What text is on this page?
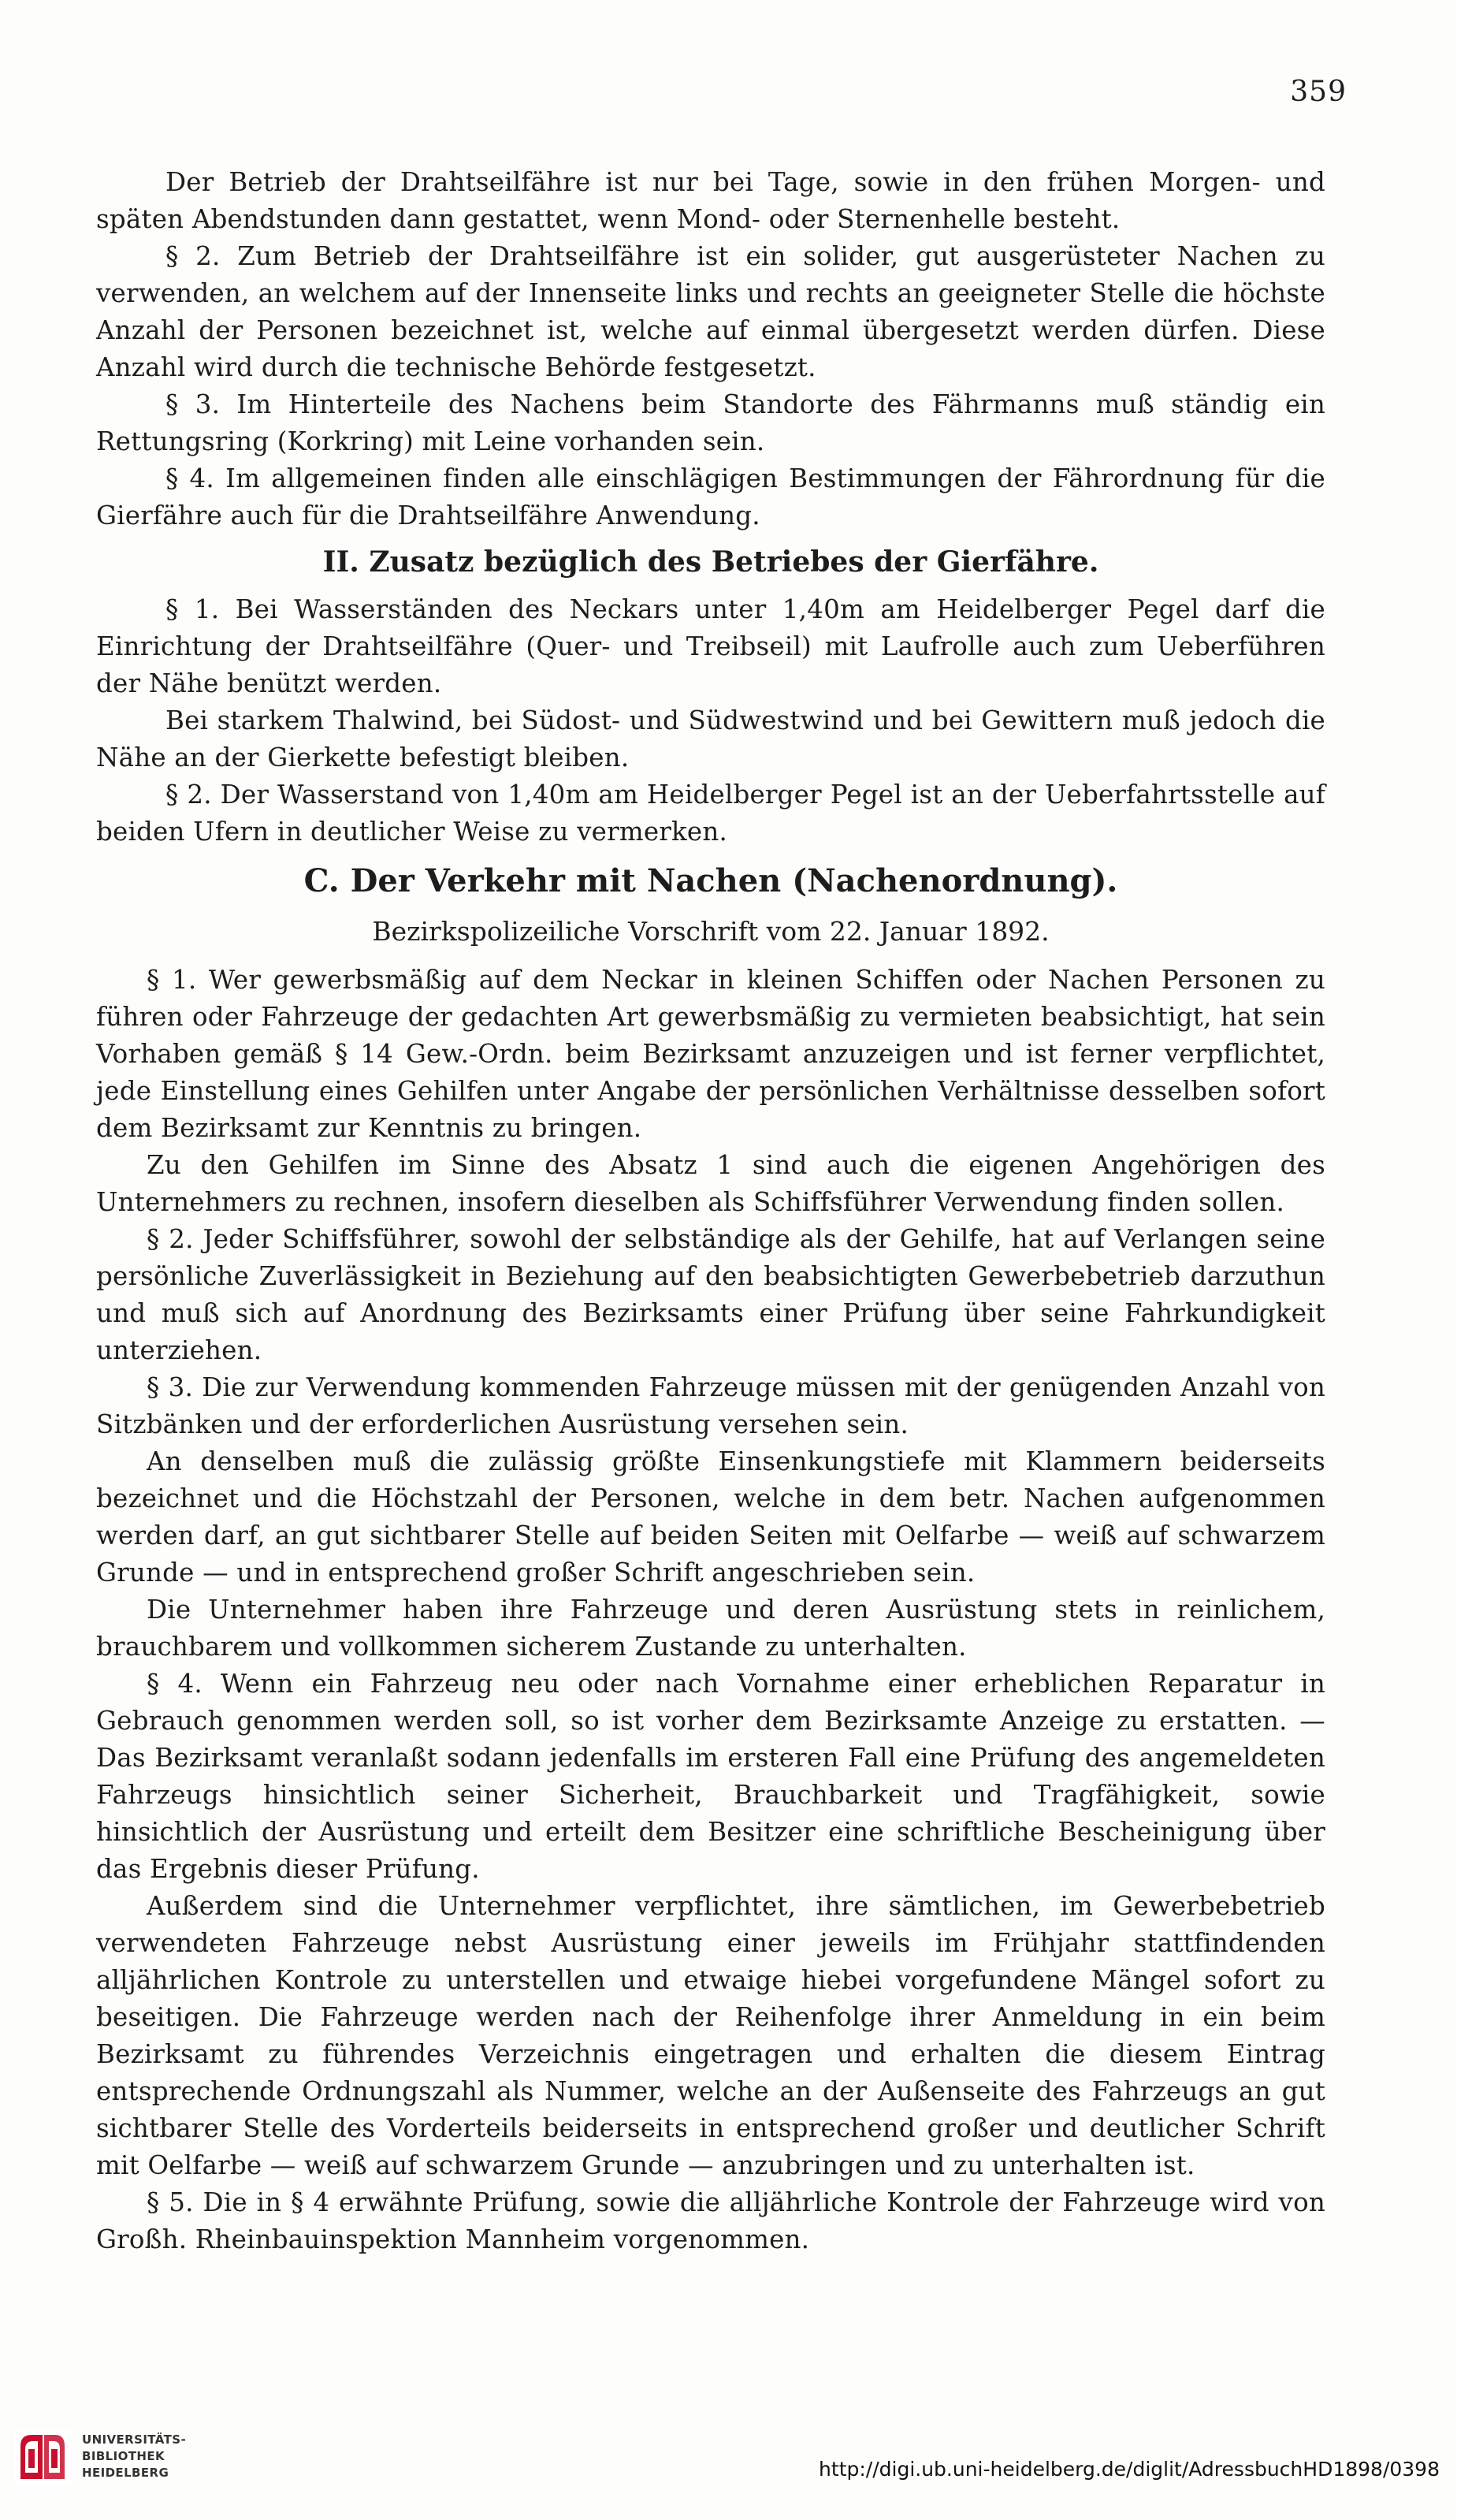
359

Der Betrieb der Drahtseilfähre ist nur bei Tage, sowie in den frühen Morgen- und späten Abendstunden dann gestattet, wenn Mond- oder Sternenhelle besteht.

§ 2. Zum Betrieb der Drahtseilfähre ist ein solider, gut ausgerüsteter Nachen zu verwenden, an welchem auf der Innenseite links und rechts an geeigneter Stelle die höchste Anzahl der Personen bezeichnet ist, welche auf einmal übergesetzt werden dürfen. Diese Anzahl wird durch die technische Behörde festgesetzt.

§ 3. Im Hinterteile des Nachens beim Standorte des Fährmanns muß ständig ein Rettungsring (Korkring) mit Leine vorhanden sein.

§ 4. Im allgemeinen finden alle einschlägigen Bestimmungen der Fährordnung für die Gierfähre auch für die Drahtseilfähre Anwendung.

II. Zusatz bezüglich des Betriebes der Gierfähre.

§ 1. Bei Wasserständen des Neckars unter 1,40m am Heidelberger Pegel darf die Einrichtung der Drahtseilfähre (Quer- und Treibseil) mit Laufrolle auch zum Ueberführen der Nähe benützt werden.

Bei starkem Thalwind, bei Südost- und Südwestwind und bei Gewittern muß jedoch die Nähe an der Gierkette befestigt bleiben.

§ 2. Der Wasserstand von 1,40m am Heidelberger Pegel ist an der Ueberfahrtsstelle auf beiden Ufern in deutlicher Weise zu vermerken.

C. Der Verkehr mit Nachen (Nachenordnung).

Bezirkspolizeiliche Vorschrift vom 22. Januar 1892.

§ 1. Wer gewerbsmäßig auf dem Neckar in kleinen Schiffen oder Nachen Personen zu führen oder Fahrzeuge der gedachten Art gewerbsmäßig zu vermieten beabsichtigt, hat sein Vorhaben gemäß § 14 Gew.-Ordn. beim Bezirksamt anzuzeigen und ist ferner verpflichtet, jede Einstellung eines Gehilfen unter Angabe der persönlichen Verhältnisse desselben sofort dem Bezirksamt zur Kenntnis zu bringen.

Zu den Gehilfen im Sinne des Absatz 1 sind auch die eigenen Angehörigen des Unternehmers zu rechnen, insofern dieselben als Schiffsführer Verwendung finden sollen.

§ 2. Jeder Schiffsführer, sowohl der selbständige als der Gehilfe, hat auf Verlangen seine persönliche Zuverlässigkeit in Beziehung auf den beabsichtigten Gewerbebetrieb darzuthun und muß sich auf Anordnung des Bezirksamts einer Prüfung über seine Fahrkundigkeit unterziehen.

§ 3. Die zur Verwendung kommenden Fahrzeuge müssen mit der genügenden Anzahl von Sitzbänken und der erforderlichen Ausrüstung versehen sein.

An denselben muß die zulässig größte Einsenkungstiefe mit Klammern beiderseits bezeichnet und die Höchstzahl der Personen, welche in dem betr. Nachen aufgenommen werden darf, an gut sichtbarer Stelle auf beiden Seiten mit Oelfarbe — weiß auf schwarzem Grunde — und in entsprechend großer Schrift angeschrieben sein.

Die Unternehmer haben ihre Fahrzeuge und deren Ausrüstung stets in reinlichem, brauchbarem und vollkommen sicherem Zustande zu unterhalten.

§ 4. Wenn ein Fahrzeug neu oder nach Vornahme einer erheblichen Reparatur in Gebrauch genommen werden soll, so ist vorher dem Bezirksamte Anzeige zu erstatten. — Das Bezirksamt veranlaßt sodann jedenfalls im ersteren Fall eine Prüfung des angemeldeten Fahrzeugs hinsichtlich seiner Sicherheit, Brauchbarkeit und Tragfähigkeit, sowie hinsichtlich der Ausrüstung und erteilt dem Besitzer eine schriftliche Bescheinigung über das Ergebnis dieser Prüfung.

Außerdem sind die Unternehmer verpflichtet, ihre sämtlichen, im Gewerbebetrieb verwendeten Fahrzeuge nebst Ausrüstung einer jeweils im Frühjahr stattfindenden alljährlichen Kontrole zu unterstellen und etwaige hiebei vorgefundene Mängel sofort zu beseitigen. Die Fahrzeuge werden nach der Reihenfolge ihrer Anmeldung in ein beim Bezirksamt zu führendes Verzeichnis eingetragen und erhalten die diesem Eintrag entsprechende Ordnungszahl als Nummer, welche an der Außenseite des Fahrzeugs an gut sichtbarer Stelle des Vorderteils beiderseits in entsprechend großer und deutlicher Schrift mit Oelfarbe — weiß auf schwarzem Grunde — anzubringen und zu unterhalten ist.

§ 5. Die in § 4 erwähnte Prüfung, sowie die alljährliche Kontrole der Fahrzeuge wird von Großh. Rheinbauinspektion Mannheim vorgenommen.

UNIVERSITÄTS-
BIBLIOTHEK
HEIDELBERG	http://digi.ub.uni-heidelberg.de/diglit/AdressbuchHD1898/0398
